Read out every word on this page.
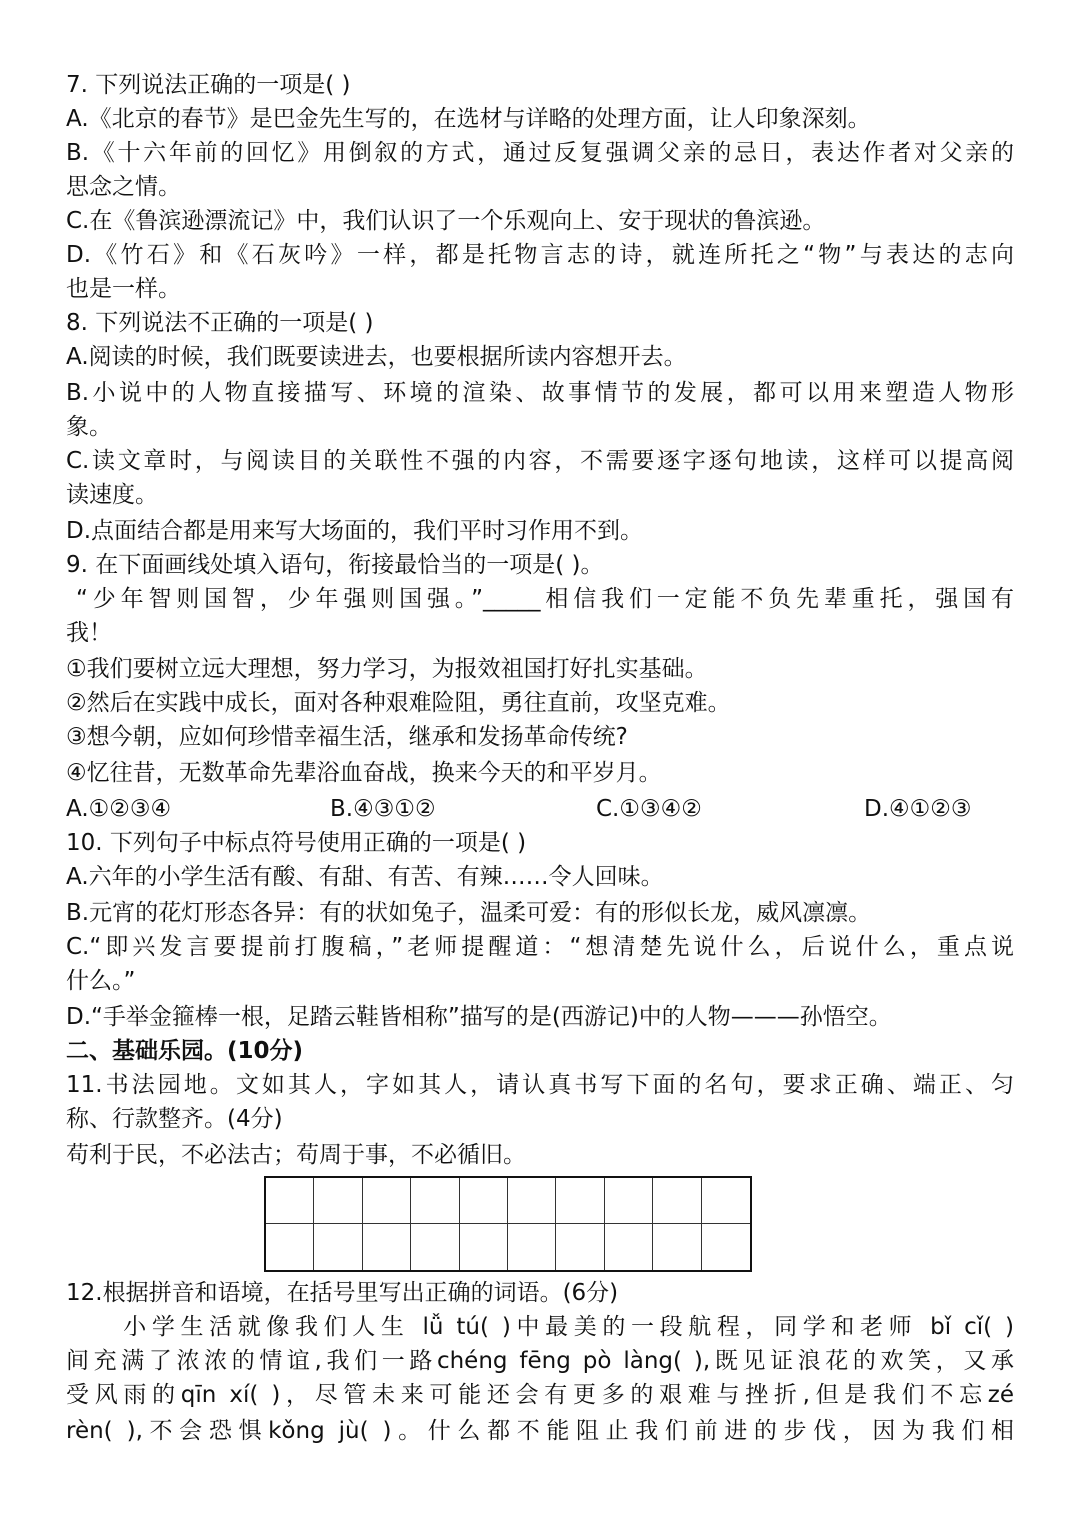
7. 下列说法正确的一项是( )
A.《北京的春节》是巴金先生写的，在选材与详略的处理方面，让人印象深刻。
B.《十六年前的回忆》用倒叙的方式，通过反复强调父亲的忌日，表达作者对父亲的
思念之情。
C.在《鲁滨逊漂流记》中，我们认识了一个乐观向上、安于现状的鲁滨逊。
D.《竹石》和《石灰吟》一样，都是托物言志的诗，就连所托之“物”与表达的志向
也是一样。
8. 下列说法不正确的一项是( )
A.阅读的时候，我们既要读进去，也要根据所读内容想开去。
B.小说中的人物直接描写、环境的渲染、故事情节的发展，都可以用来塑造人物形
象。
C.读文章时，与阅读目的关联性不强的内容，不需要逐字逐句地读，这样可以提高阅
读速度。
D.点面结合都是用来写大场面的，我们平时习作用不到。
9. 在下面画线处填入语句，衔接最恰当的一项是( )。
“少年智则国智，少年强则国强。”_____相信我们一定能不负先辈重托，强国有
我！
①我们要树立远大理想，努力学习，为报效祖国打好扎实基础。
②然后在实践中成长，面对各种艰难险阻，勇往直前，攻坚克难。
③想今朝，应如何珍惜幸福生活，继承和发扬革命传统?
④忆往昔，无数革命先辈浴血奋战，换来今天的和平岁月。
A.①②③④	B.④③①②	C.①③④②	D.④①②③
10. 下列句子中标点符号使用正确的一项是( )
A.六年的小学生活有酸、有甜、有苦、有辣……令人回味。
B.元宵的花灯形态各异：有的状如兔子，温柔可爱：有的形似长龙，威风凛凛。
C.“即兴发言要提前打腹稿，”老师提醒道：“想清楚先说什么，后说什么，重点说
什么。”
D.“手举金箍棒一根，足踏云鞋皆相称”描写的是(西游记)中的人物———孙悟空。
二、基础乐园。(10分)
11.书法园地。文如其人，字如其人，请认真书写下面的名句，要求正确、端正、匀
称、行款整齐。(4分)
苟利于民，不必法古；苟周于事，不必循旧。
12.根据拼音和语境，在括号里写出正确的词语。(6分)
　　小学生活就像我们人生 lǚ tú( )中最美的一段航程，同学和老师 bǐ cǐ( )
间充满了浓浓的情谊,我们一路chéng fēng pò làng( ),既见证浪花的欢笑，又承
受风雨的qīn xí( )，尽管未来可能还会有更多的艰难与挫折,但是我们不忘zé
rèn( ),不会恐惧kǒng jù( )。什么都不能阻止我们前进的步伐，因为我们相
